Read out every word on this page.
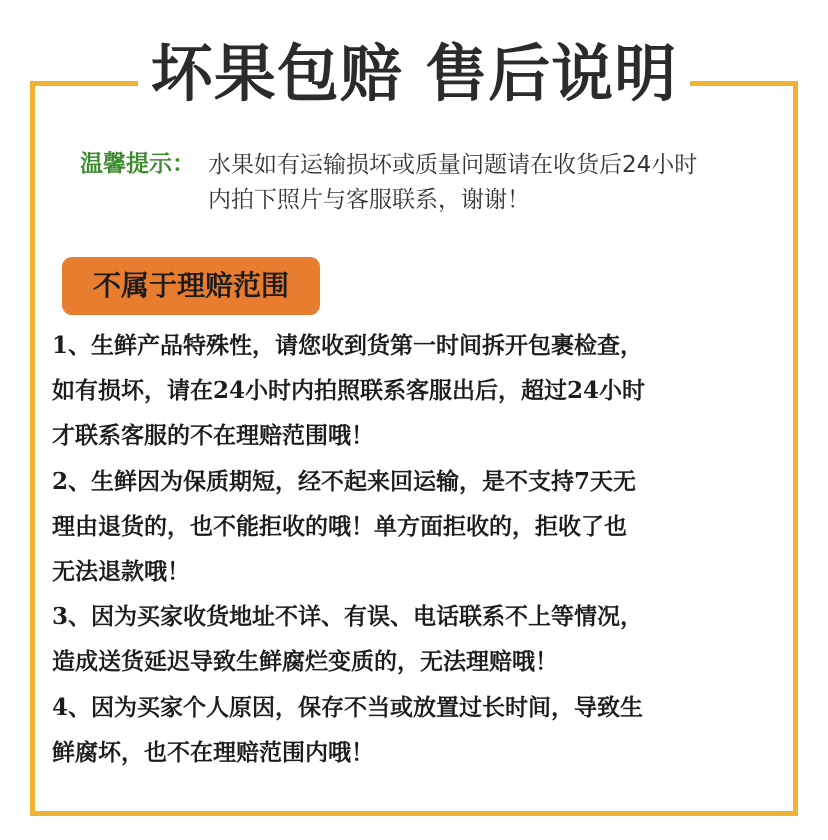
坏果包赔 售后说明
温馨提示： 水果如有运输损坏或质量问题请在收货后24小时
内拍下照片与客服联系，谢谢！
不属于理赔范围
1、生鲜产品特殊性，请您收到货第一时间拆开包裹检查，
如有损坏，请在24小时内拍照联系客服出后，超过24小时
才联系客服的不在理赔范围哦！
2、生鲜因为保质期短，经不起来回运输，是不支持7天无
理由退货的，也不能拒收的哦！单方面拒收的，拒收了也
无法退款哦！
3、因为买家收货地址不详、有误、电话联系不上等情况，
造成送货延迟导致生鲜腐烂变质的，无法理赔哦！
4、因为买家个人原因，保存不当或放置过长时间，导致生
鲜腐坏，也不在理赔范围内哦！
